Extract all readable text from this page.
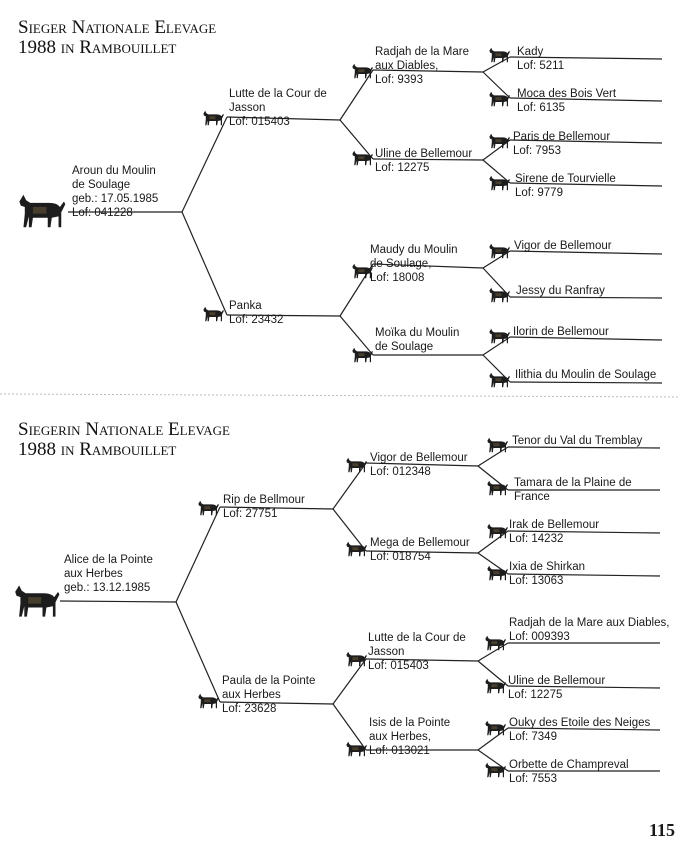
Sieger Nationale Elevage
1988 in Rambouillet
Aroun du Moulin
de Soulage
geb.: 17.05.1985
Lof: 041228
Lutte de la Cour de
Jasson
Lof: 015403
Panka
Lof: 23432
Radjah de la Mare
aux Diables,
Lof: 9393
Uline de Bellemour
Lof: 12275
Maudy du Moulin
de Soulage,
Lof: 18008
Moïka du Moulin
de Soulage
Kady
Lof: 5211
Moca des Bois Vert
Lof: 6135
Paris de Bellemour
Lof: 7953
Sirene de Tourvielle
Lof: 9779
Vigor de Bellemour
Jessy du Ranfray
Ilorin de Bellemour
Ilithia du Moulin de Soulage
Siegerin Nationale Elevage
1988 in Rambouillet
Alice de la Pointe
aux Herbes
geb.: 13.12.1985
Rip de Bellmour
Lof: 27751
Paula de la Pointe
aux Herbes
Lof: 23628
Vigor de Bellemour
Lof: 012348
Mega de Bellemour
Lof: 018754
Lutte de la Cour de
Jasson
Lof: 015403
Isis de la Pointe
aux Herbes,
Lof: 013021
Tenor du Val du Tremblay
Tamara de la Plaine de
France
Irak de Bellemour
Lof: 14232
Ixia de Shirkan
Lof: 13063
Radjah de la Mare aux Diables,
Lof: 009393
Uline de Bellemour
Lof: 12275
Ouky des Etoile des Neiges
Lof: 7349
Orbette de Champreval
Lof: 7553
115
